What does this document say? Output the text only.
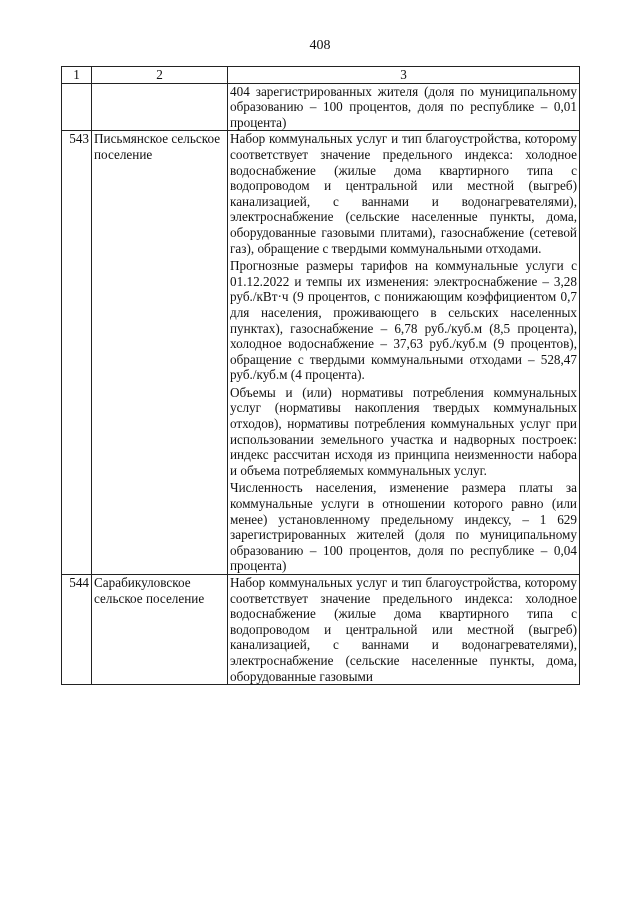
408
1	2	3

		404 зарегистрированных жителя (доля по муниципальному образованию – 100 процентов, доля по республике – 0,01 процента)

543	Письмянское сельское поселение	Набор коммунальных услуг и тип благоустройства, которому соответствует значение предельного индекса: холодное водоснабжение (жилые дома квартирного типа с водопроводом и центральной или местной (выгреб) канализацией, с ваннами и водонагревателями), электроснабжение (сельские населенные пункты, дома, оборудованные газовыми плитами), газоснабжение (сетевой газ), обращение с твердыми коммунальными отходами.

Прогнозные размеры тарифов на коммунальные услуги с 01.12.2022 и темпы их изменения: электроснабжение – 3,28 руб./кВт·ч (9 процентов, с понижающим коэффициентом 0,7 для населения, проживающего в сельских населенных пунктах), газоснабжение – 6,78 руб./куб.м (8,5 процента), холодное водоснабжение – 37,63 руб./куб.м (9 процентов), обращение с твердыми коммунальными отходами – 528,47 руб./куб.м (4 процента).

Объемы и (или) нормативы потребления коммунальных услуг (нормативы накопления твердых коммунальных отходов), нормативы потребления коммунальных услуг при использовании земельного участка и надворных построек: индекс рассчитан исходя из принципа неизменности набора и объема потребляемых коммунальных услуг.

Численность населения, изменение размера платы за коммунальные услуги в отношении которого равно (или менее) установленному предельному индексу, – 1 629 зарегистрированных жителей (доля по муниципальному образованию – 100 процентов, доля по республике – 0,04 процента)

544	Сарабикуловское сельское поселение	Набор коммунальных услуг и тип благоустройства, которому соответствует значение предельного индекса: холодное водоснабжение (жилые дома квартирного типа с водопроводом и центральной или местной (выгреб) канализацией, с ваннами и водонагревателями), электроснабжение (сельские населенные пункты, дома, оборудованные газовыми
